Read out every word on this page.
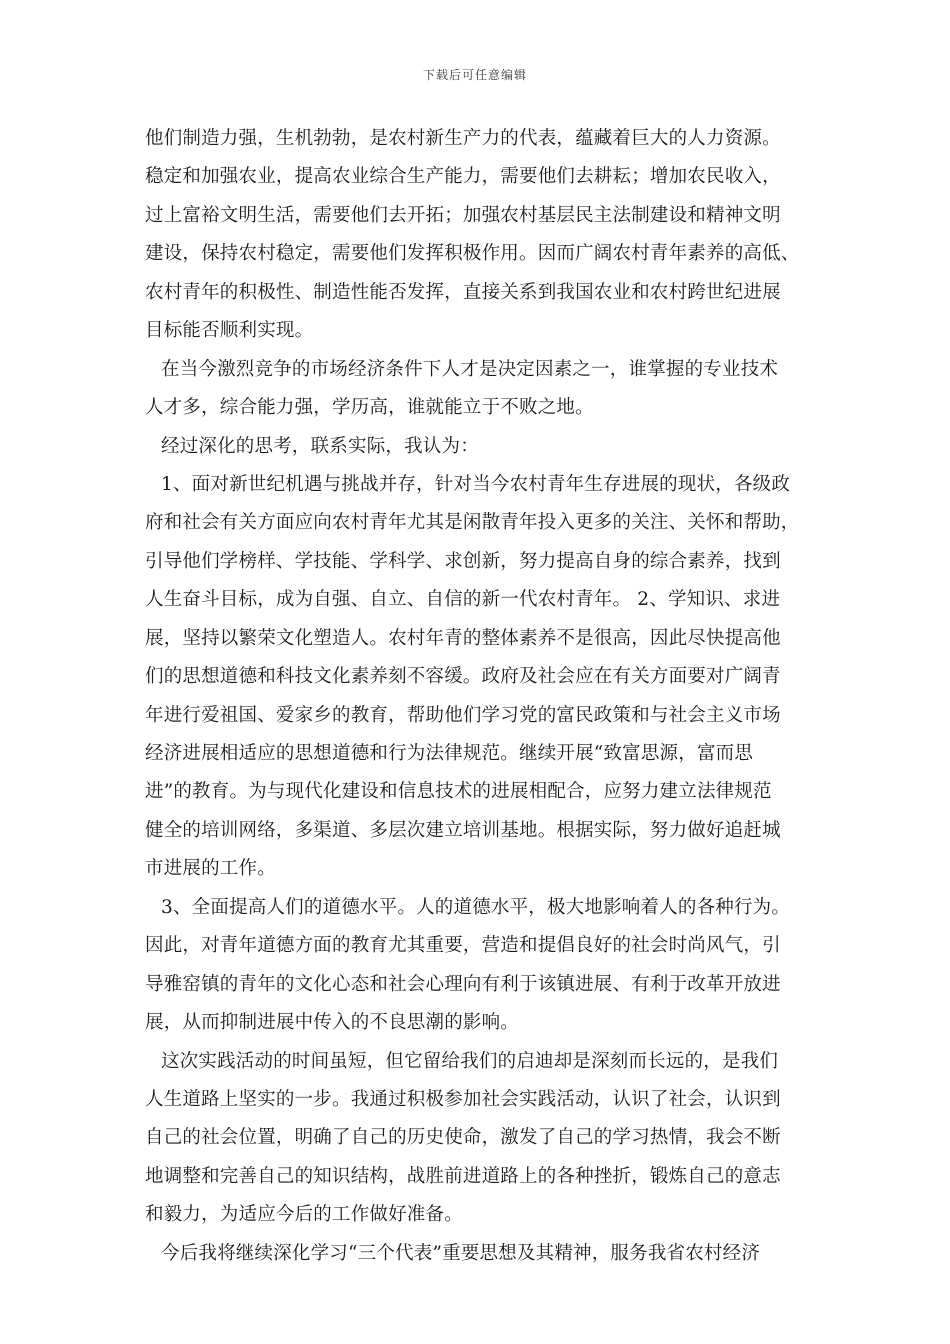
下载后可任意编辑
他们制造力强，生机勃勃，是农村新生产力的代表，蕴藏着巨大的人力资源。
稳定和加强农业，提高农业综合生产能力，需要他们去耕耘；增加农民收入，
过上富裕文明生活，需要他们去开拓；加强农村基层民主法制建设和精神文明
建设，保持农村稳定，需要他们发挥积极作用。因而广阔农村青年素养的高低、
农村青年的积极性、制造性能否发挥，直接关系到我国农业和农村跨世纪进展
目标能否顺利实现。
在当今激烈竞争的市场经济条件下人才是决定因素之一，谁掌握的专业技术
人才多，综合能力强，学历高，谁就能立于不败之地。
经过深化的思考，联系实际，我认为：
1、面对新世纪机遇与挑战并存，针对当今农村青年生存进展的现状，各级政
府和社会有关方面应向农村青年尤其是闲散青年投入更多的关注、关怀和帮助，
引导他们学榜样、学技能、学科学、求创新，努力提高自身的综合素养，找到
人生奋斗目标，成为自强、自立、自信的新一代农村青年。 2、学知识、求进
展，坚持以繁荣文化塑造人。农村年青的整体素养不是很高，因此尽快提高他
们的思想道德和科技文化素养刻不容缓。政府及社会应在有关方面要对广阔青
年进行爱祖国、爱家乡的教育，帮助他们学习党的富民政策和与社会主义市场
经济进展相适应的思想道德和行为法律规范。继续开展“致富思源，富而思
进”的教育。为与现代化建设和信息技术的进展相配合，应努力建立法律规范
健全的培训网络，多渠道、多层次建立培训基地。根据实际，努力做好追赶城
市进展的工作。
3、全面提高人们的道德水平。人的道德水平，极大地影响着人的各种行为。
因此，对青年道德方面的教育尤其重要，营造和提倡良好的社会时尚风气，引
导雅窑镇的青年的文化心态和社会心理向有利于该镇进展、有利于改革开放进
展，从而抑制进展中传入的不良思潮的影响。
这次实践活动的时间虽短，但它留给我们的启迪却是深刻而长远的，是我们
人生道路上坚实的一步。我通过积极参加社会实践活动，认识了社会，认识到
自己的社会位置，明确了自己的历史使命，激发了自己的学习热情，我会不断
地调整和完善自己的知识结构，战胜前进道路上的各种挫折，锻炼自己的意志
和毅力，为适应今后的工作做好准备。
今后我将继续深化学习“三个代表”重要思想及其精神，服务我省农村经济
